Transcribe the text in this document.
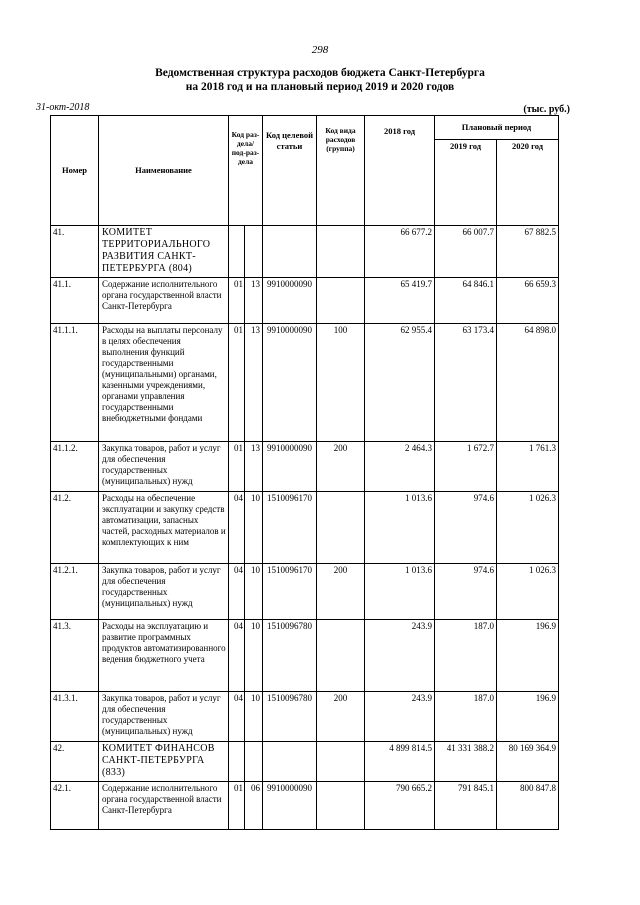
298
Ведомственная структура расходов бюджета Санкт-Петербурга
на 2018 год и на плановый период 2019 и 2020 годов
31-окт-2018	(тыс. руб.)
Номер	Наименование	Код раз-дела/ под-раз-дела		Код целевой статьи	Код вида расходов (группа)	2018 год	Плановый период	
							2019 год	2020 год
41.	КОМИТЕТ ТЕРРИТОРИАЛЬНОГО РАЗВИТИЯ САНКТ-ПЕТЕРБУРГА (804)					66 677.2	66 007.7	67 882.5
41.1.	Содержание исполнительного органа государственной власти Санкт-Петербурга	01	13	9910000090		65 419.7	64 846.1	66 659.3
41.1.1.	Расходы на выплаты персоналу в целях обеспечения выполнения функций государственными (муниципальными) органами, казенными учреждениями, органами управления государственными внебюджетными фондами	01	13	9910000090	100	62 955.4	63 173.4	64 898.0
41.1.2.	Закупка товаров, работ и услуг для обеспечения государственных (муниципальных) нужд	01	13	9910000090	200	2 464.3	1 672.7	1 761.3
41.2.	Расходы на обеспечение эксплуатации и закупку средств автоматизации, запасных частей, расходных материалов и комплектующих к ним	04	10	1510096170		1 013.6	974.6	1 026.3
41.2.1.	Закупка товаров, работ и услуг для обеспечения государственных (муниципальных) нужд	04	10	1510096170	200	1 013.6	974.6	1 026.3
41.3.	Расходы на эксплуатацию и развитие программных продуктов автоматизированного ведения бюджетного учета	04	10	1510096780		243.9	187.0	196.9
41.3.1.	Закупка товаров, работ и услуг для обеспечения государственных (муниципальных) нужд	04	10	1510096780	200	243.9	187.0	196.9
42.	КОМИТЕТ ФИНАНСОВ САНКТ-ПЕТЕРБУРГА (833)					4 899 814.5	41 331 388.2	80 169 364.9
42.1.	Содержание исполнительного органа государственной власти Санкт-Петербурга	01	06	9910000090		790 665.2	791 845.1	800 847.8
